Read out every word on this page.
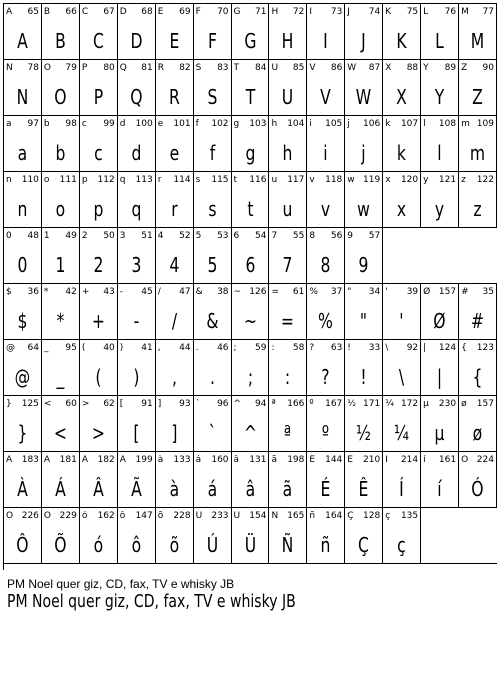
A 65
A
B 66
B
C 67
C
D 68
D
E 69
E
F 70
F
G 71
G
H 72
H
I 73
I
J 74
J
K 75
K
L 76
L
M 77
M
N 78
N
O 79
O
P 80
P
Q 81
Q
R 82
R
S 83
S
T 84
T
U 85
U
V 86
V
W 87
W
X 88
X
Y 89
Y
Z 90
Z
a 97
a
b 98
b
c 99
c
d 100
d
e 101
e
f 102
f
g 103
g
h 104
h
i 105
i
j 106
j
k 107
k
l 108
l
m 109
m
n 110
n
o 111
o
p 112
p
q 113
q
r 114
r
s 115
s
t 116
t
u 117
u
v 118
v
w 119
w
x 120
x
y 121
y
z 122
z
0 48
0
1 49
1
2 50
2
3 51
3
4 52
4
5 53
5
6 54
6
7 55
7
8 56
8
9 57
9
$ 36
$
* 42
*
+ 43
+
- 45
-
/ 47
/
& 38
&
~ 126
~
= 61
=
% 37
%
" 34
"
' 39
'
Ø 157
Ø
# 35
#
@ 64
@
_ 95
_
( 40
(
) 41
)
, 44
,
. 46
.
; 59
;
: 58
:
? 63
?
! 33
!
\ 92
\
| 124
|
{ 123
{
} 125
}
< 60
<
> 62
>
[ 91
[
] 93
]
` 96
`
^ 94
^
ª 166
ª
º 167
º
½ 171
½
¼ 172
¼
µ 230
µ
ø 157
ø
À 183
À
Á 181
Á
Â 182
Â
Ã 199
Ã
à 133
à
á 160
á
â 131
â
ã 198
ã
É 144
É
Ê 210
Ê
Í 214
Í
í 161
í
Ó 224
Ó
Ô 226
Ô
Õ 229
Õ
ó 162
ó
ô 147
ô
õ 228
õ
Ú 233
Ú
Ü 154
Ü
Ñ 165
Ñ
ñ 164
ñ
Ç 128
Ç
ç 135
ç
PM Noel quer giz, CD, fax, TV e whisky JB
PM Noel quer giz, CD, fax, TV e whisky JB
